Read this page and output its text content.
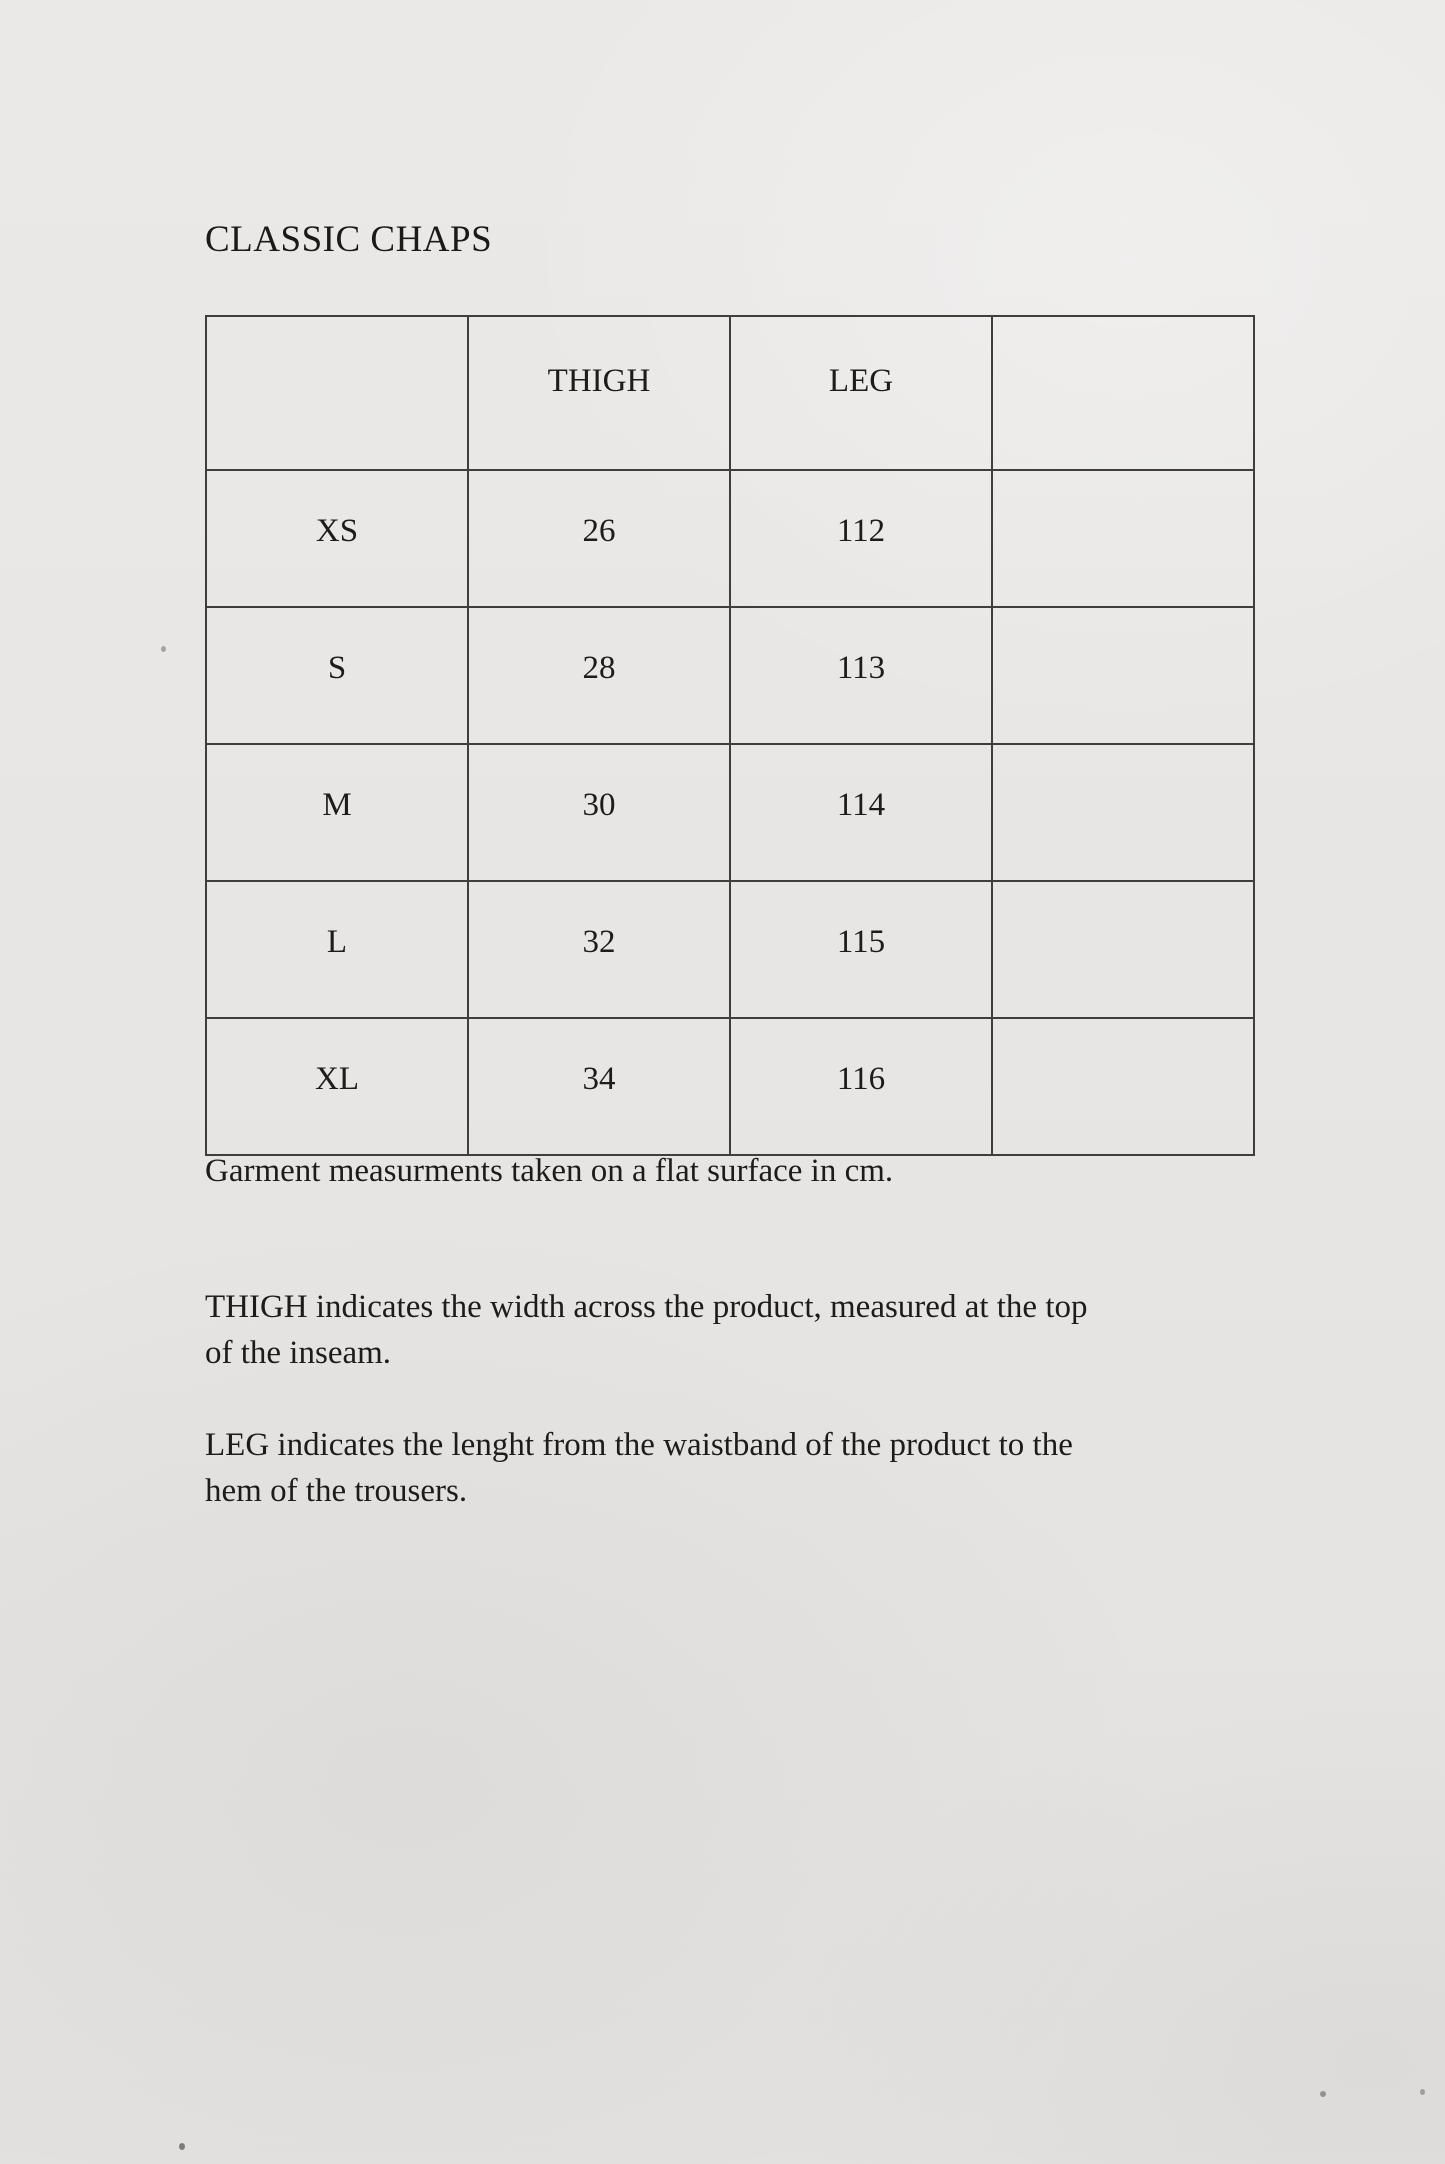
CLASSIC CHAPS
	THIGH	LEG	
XS	26	112	
S	28	113	
M	30	114	
L	32	115	
XL	34	116	
Garment measurments taken on a flat surface in cm.
THIGH indicates the width across the product, measured at the top
of the inseam.
LEG indicates the lenght from the waistband of the product to the
hem of the trousers.
